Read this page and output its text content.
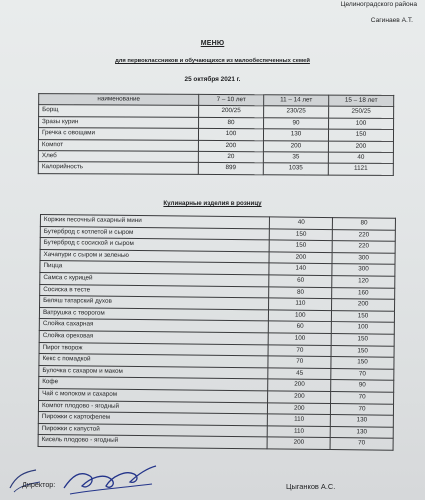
Целиноградского района
Сагинаев А.Т.
МЕНЮ
для первоклассников и обучающихся из малообеспеченных семей
25 октября 2021 г.
наименование	7 – 10 лет	11 – 14 лет	15 – 18 лет
Борщ	200/25	230/25	250/25
Зразы курин	80	90	100
Гречка с овощами	100	130	150
Компот	200	200	200
Хлеб	20	35	40
Калорийность	899	1035	1121
Кулинарные изделия в розницу
Коржик песочный сахарный мини	40	80
Бутерброд с котлетой и сыром	150	220
Бутерброд с сосиской и сыром	150	220
Хачапури с сыром и зеленью	200	300
Пицца	140	300
Самса с курицей	60	120
Сосиска в тесте	80	160
Беляш татарский духов	110	200
Ватрушка с творогом	100	150
Слойка сахарная	60	100
Слойка ореховая	100	150
Пирог творож	70	150
Кекс с помадкой	70	150
Булочка с сахаром и маком	45	70
Кофе	200	90
Чай с молоком и сахаром	200	70
Компот плодово - ягодный	200	70
Пирожки с картофелем	110	130
Пирожки с капустой	110	130
Кисель плодово - ягодный	200	70
Директор:	Цыганков А.С.
